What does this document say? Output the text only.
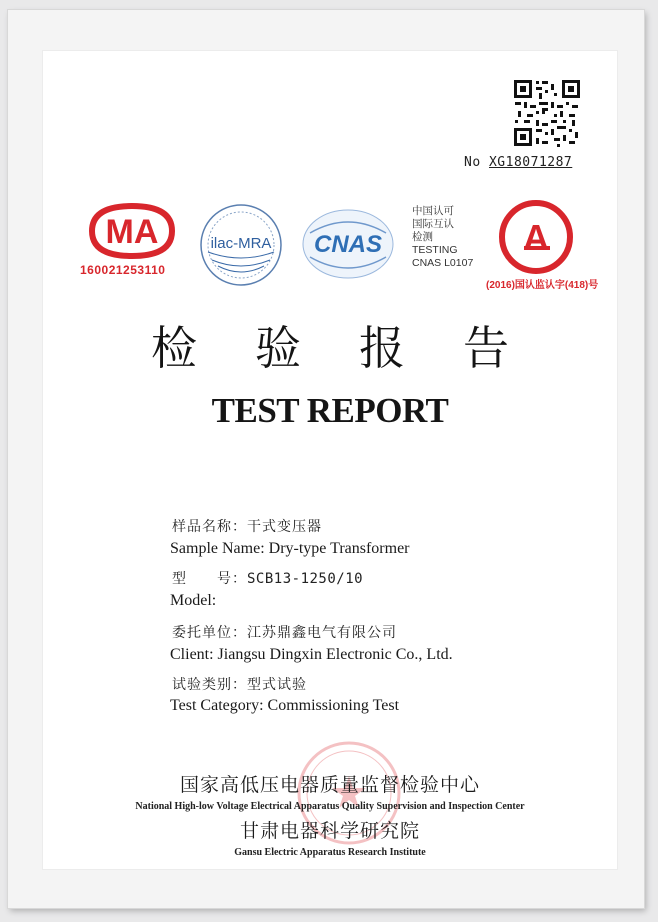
No XG18071287
MA
160021253110
ilac-MRA CNAS
中国认可
国际互认
检测
TESTING
CNAS L0107
A
CAL
(2016)国认监认字(418)号
检验报告
TEST REPORT
样品名称：干式变压器
Sample Name: Dry-type Transformer
型　　号：SCB13-1250/10
Model:
委托单位：江苏鼎鑫电气有限公司
Client: Jiangsu Dingxin Electronic Co., Ltd.
试验类别：型式试验
Test Category: Commissioning Test
国家高低压电器质量监督检验中心
National High-low Voltage Electrical Apparatus Quality Supervision and Inspection Center
甘肃电器科学研究院
Gansu Electric Apparatus Research Institute
